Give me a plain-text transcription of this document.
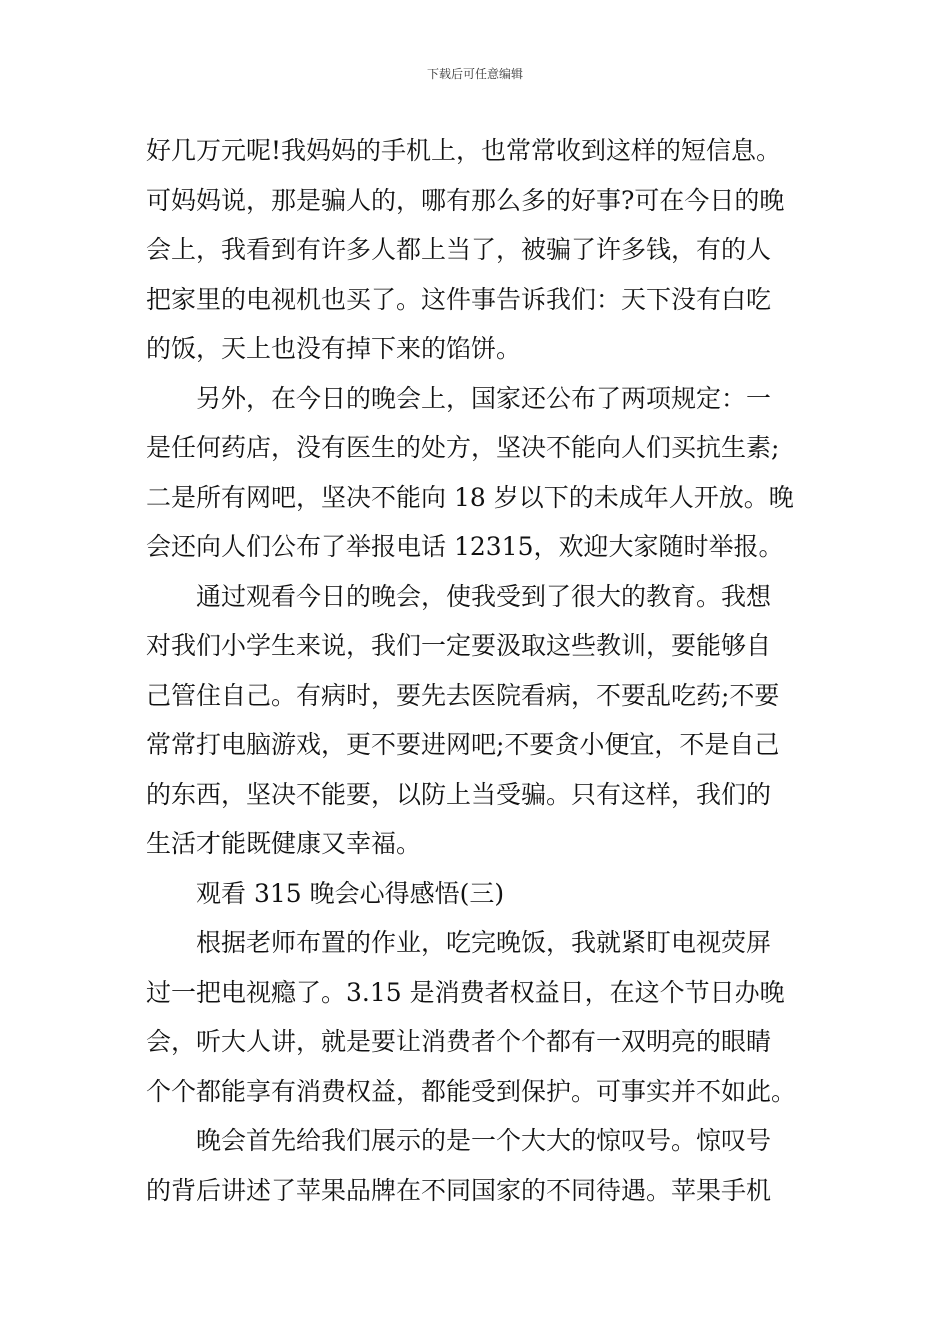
下载后可任意编辑
好几万元呢!我妈妈的手机上，也常常收到这样的短信息。
可妈妈说，那是骗人的，哪有那么多的好事?可在今日的晚
会上，我看到有许多人都上当了，被骗了许多钱，有的人
把家里的电视机也买了。这件事告诉我们：天下没有白吃
的饭，天上也没有掉下来的馅饼。
另外，在今日的晚会上，国家还公布了两项规定：一
是任何药店，没有医生的处方，坚决不能向人们买抗生素;
二是所有网吧，坚决不能向 18 岁以下的未成年人开放。晚
会还向人们公布了举报电话 12315，欢迎大家随时举报。
通过观看今日的晚会，使我受到了很大的教育。我想
对我们小学生来说，我们一定要汲取这些教训，要能够自
己管住自己。有病时，要先去医院看病，不要乱吃药;不要
常常打电脑游戏，更不要进网吧;不要贪小便宜，不是自己
的东西，坚决不能要，以防上当受骗。只有这样，我们的
生活才能既健康又幸福。
观看 315 晚会心得感悟(三)
根据老师布置的作业，吃完晚饭，我就紧盯电视荧屏
过一把电视瘾了。3.15 是消费者权益日，在这个节日办晚
会，听大人讲，就是要让消费者个个都有一双明亮的眼睛
个个都能享有消费权益，都能受到保护。可事实并不如此。
晚会首先给我们展示的是一个大大的惊叹号。惊叹号
的背后讲述了苹果品牌在不同国家的不同待遇。苹果手机
